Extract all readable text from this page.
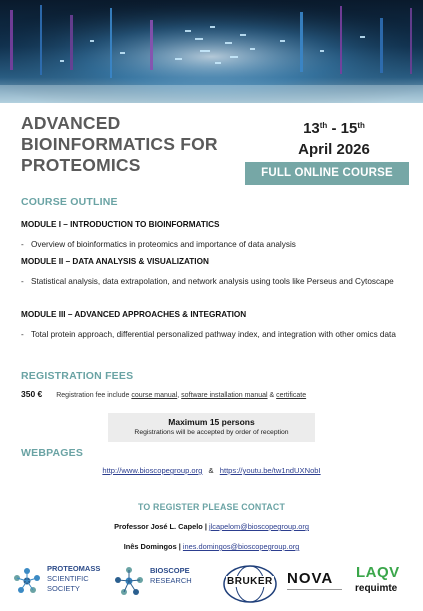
ADVANCED
BIOINFORMATICS FOR
PROTEOMICS
13th - 15th
April 2026
FULL ONLINE COURSE
COURSE OUTLINE
MODULE I – INTRODUCTION TO BIOINFORMATICS
- Overview of bioinformatics in proteomics and importance of data analysis
MODULE II – DATA ANALYSIS & VISUALIZATION
- Statistical analysis, data extrapolation, and network analysis using tools like Perseus and Cytoscape
MODULE III – ADVANCED APPROACHES & INTEGRATION
- Total protein approach, differential personalized pathway index, and integration with other omics data
REGISTRATION FEES
350 € Registration fee include course manual, software installation manual & certificate
Maximum 15 persons
Registrations will be accepted by order of reception
WEBPAGES
http://www.bioscopegroup.org & https://youtu.be/tw1ndUXNobI
TO REGISTER PLEASE CONTACT
Professor José L. Capelo | jlcapelom@bioscopegroup.org
Inês Domingos | ines.domingos@bioscopegroup.org
PROTEOMASS
SCIENTIFIC
SOCIETY
BIOSCOPE
RESEARCH	BRUKER NOVA LAQV
requimte
